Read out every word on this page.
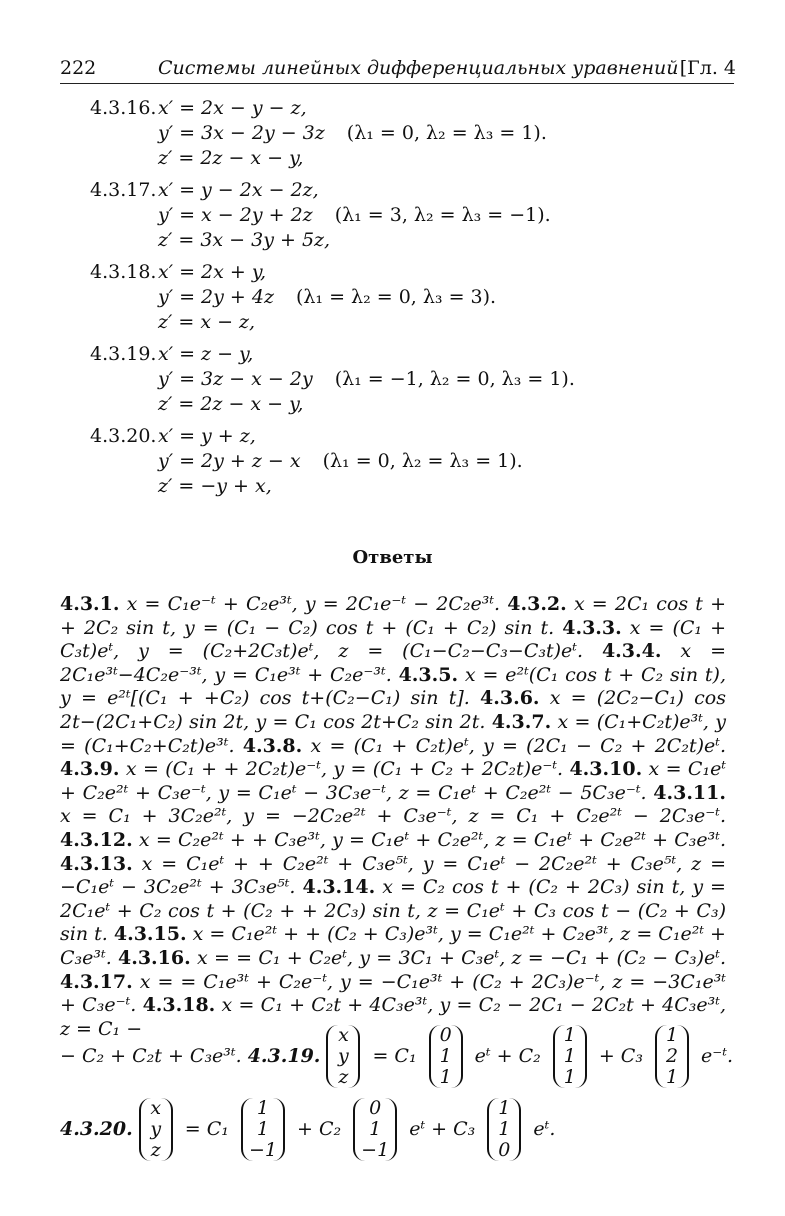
222	Системы линейных дифференциальных уравнений [Гл. 4
4.3.16.x′ = 2x − y − z,
y′ = 3x − 2y − 3z (λ₁ = 0, λ₂ = λ₃ = 1).
z′ = 2z − x − y,
4.3.17.x′ = y − 2x − 2z,
y′ = x − 2y + 2z (λ₁ = 3, λ₂ = λ₃ = −1).
z′ = 3x − 3y + 5z,
4.3.18.x′ = 2x + y,
y′ = 2y + 4z (λ₁ = λ₂ = 0, λ₃ = 3).
z′ = x − z,
4.3.19.x′ = z − y,
y′ = 3z − x − 2y (λ₁ = −1, λ₂ = 0, λ₃ = 1).
z′ = 2z − x − y,
4.3.20.x′ = y + z,
y′ = 2y + z − x (λ₁ = 0, λ₂ = λ₃ = 1).
z′ = −y + x,
Ответы
4.3.1. x = C₁e⁻ᵗ + C₂e³ᵗ, y = 2C₁e⁻ᵗ − 2C₂e³ᵗ. 4.3.2. x = 2C₁ cos t + + 2C₂ sin t, y = (C₁ − C₂) cos t + (C₁ + C₂) sin t. 4.3.3. x = (C₁ + C₃t)eᵗ, y = (C₂+2C₃t)eᵗ, z = (C₁−C₂−C₃−C₃t)eᵗ. 4.3.4. x = 2C₁e³ᵗ−4C₂e⁻³ᵗ, y = C₁e³ᵗ + C₂e⁻³ᵗ. 4.3.5. x = e²ᵗ(C₁ cos t + C₂ sin t), y = e²ᵗ[(C₁ + +C₂) cos t+(C₂−C₁) sin t]. 4.3.6. x = (2C₂−C₁) cos 2t−(2C₁+C₂) sin 2t, y = C₁ cos 2t+C₂ sin 2t. 4.3.7. x = (C₁+C₂t)e³ᵗ, y = (C₁+C₂+C₂t)e³ᵗ. 4.3.8. x = (C₁ + C₂t)eᵗ, y = (2C₁ − C₂ + 2C₂t)eᵗ. 4.3.9. x = (C₁ + + 2C₂t)e⁻ᵗ, y = (C₁ + C₂ + 2C₂t)e⁻ᵗ. 4.3.10. x = C₁eᵗ + C₂e²ᵗ + C₃e⁻ᵗ, y = C₁eᵗ − 3C₃e⁻ᵗ, z = C₁eᵗ + C₂e²ᵗ − 5C₃e⁻ᵗ. 4.3.11. x = C₁ + 3C₂e²ᵗ, y = −2C₂e²ᵗ + C₃e⁻ᵗ, z = C₁ + C₂e²ᵗ − 2C₃e⁻ᵗ. 4.3.12. x = C₂e²ᵗ + + C₃e³ᵗ, y = C₁eᵗ + C₂e²ᵗ, z = C₁eᵗ + C₂e²ᵗ + C₃e³ᵗ. 4.3.13. x = C₁eᵗ + + C₂e²ᵗ + C₃e⁵ᵗ, y = C₁eᵗ − 2C₂e²ᵗ + C₃e⁵ᵗ, z = −C₁eᵗ − 3C₂e²ᵗ + 3C₃e⁵ᵗ. 4.3.14. x = C₂ cos t + (C₂ + 2C₃) sin t, y = 2C₁eᵗ + C₂ cos t + (C₂ + + 2C₃) sin t, z = C₁eᵗ + C₃ cos t − (C₂ + C₃) sin t. 4.3.15. x = C₁e²ᵗ + + (C₂ + C₃)e³ᵗ, y = C₁e²ᵗ + C₂e³ᵗ, z = C₁e²ᵗ + C₃e³ᵗ. 4.3.16. x = = C₁ + C₂eᵗ, y = 3C₁ + C₃eᵗ, z = −C₁ + (C₂ − C₃)eᵗ. 4.3.17. x = = C₁e³ᵗ + C₂e⁻ᵗ, y = −C₁e³ᵗ + (C₂ + 2C₃)e⁻ᵗ, z = −3C₁e³ᵗ + C₃e⁻ᵗ. 4.3.18. x = C₁ + C₂t + 4C₃e³ᵗ, y = C₂ − 2C₁ − 2C₂t + 4C₃e³ᵗ, z = C₁ −
− C₂ + C₂t + C₃e³ᵗ. 4.3.19.
x
y
z
= C₁
0
1
1
eᵗ + C₂
1
1
1
+ C₃
1
2
1
e⁻ᵗ.
4.3.20.
x
y
z
= C₁
1
1
−1
+ C₂
0
1
−1
eᵗ + C₃
1
1
0
eᵗ.
